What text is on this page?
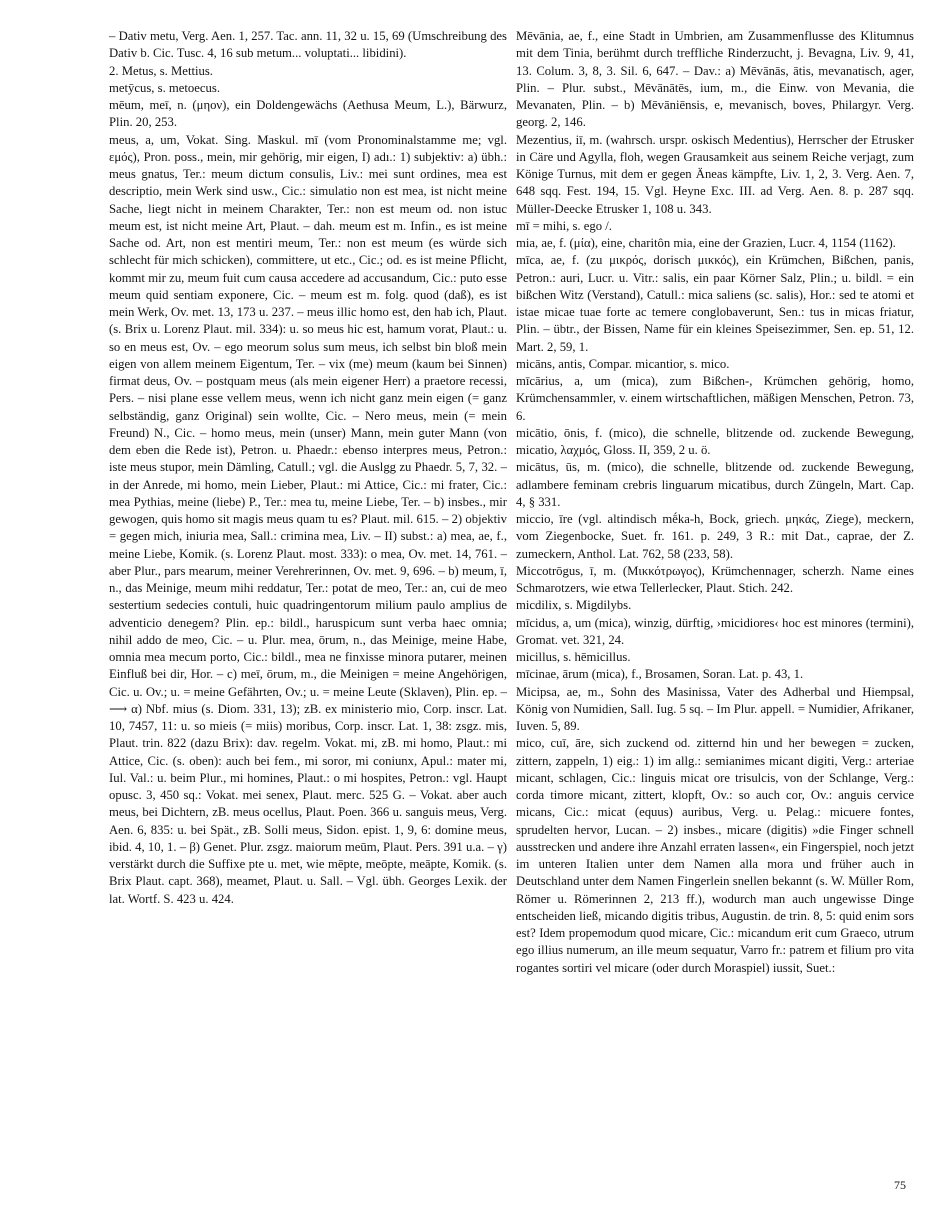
– Dativ metu, Verg. Aen. 1, 257. Tac. ann. 11, 32 u. 15, 69 (Umschreibung des Dativ b. Cic. Tusc. 4, 16 sub metum... voluptati... libidini).

2. Metus, s. Mettius.

metȳcus, s. metoecus.

mēum, meī, n. (μηον), ein Doldengewächs (Aethusa Meum, L.), Bärwurz, Plin. 20, 253.

meus, a, um, Vokat. Sing. Maskul. mī (vom Pronominalstamme me; vgl. εμός), Pron. poss., mein, mir gehörig, mir eigen, I) adı.: 1) subjektiv: a) übh.: meus gnatus, Ter.: meum dictum consulis, Liv.: mei sunt ordines, mea est descriptio, mein Werk sind usw., Cic.: simulatio non est mea, ist nicht meine Sache, liegt nicht in meinem Charakter, Ter.: non est meum od. non istuc meum est, ist nicht meine Art, Plaut. – dah. meum est m. Infin., es ist meine Sache od. Art, non est mentiri meum, Ter.: non est meum (es würde sich schlecht für mich schicken), committere, ut etc., Cic.; od. es ist meine Pflicht, kommt mir zu, meum fuit cum causa accedere ad accusandum, Cic.: puto esse meum quid sentiam exponere, Cic. – meum est m. folg. quod (daß), es ist mein Werk, Ov. met. 13, 173 u. 237. – meus illic homo est, den hab ich, Plaut. (s. Brix u. Lorenz Plaut. mil. 334): u. so meus hic est, hamum vorat, Plaut.: u. so en meus est, Ov. – ego meorum solus sum meus, ich selbst bin bloß mein eigen von allem meinem Eigentum, Ter. – vix (me) meum (kaum bei Sinnen) firmat deus, Ov. – postquam meus (als mein eigener Herr) a praetore recessi, Pers. – nisi plane esse vellem meus, wenn ich nicht ganz mein eigen (= ganz selbständig, ganz Original) sein wollte, Cic. – Nero meus, mein (= mein Freund) N., Cic. – homo meus, mein (unser) Mann, mein guter Mann (von dem eben die Rede ist), Petron. u. Phaedr.: ebenso interpres meus, Petron.: iste meus stupor, mein Dämling, Catull.; vgl. die Auslgg zu Phaedr. 5, 7, 32. – in der Anrede, mi homo, mein Lieber, Plaut.: mi Attice, Cic.: mi frater, Cic.: mea Pythias, meine (liebe) P., Ter.: mea tu, meine Liebe, Ter. – b) insbes., mir gewogen, quis homo sit magis meus quam tu es? Plaut. mil. 615. – 2) objektiv = gegen mich, iniuria mea, Sall.: crimina mea, Liv. – II) subst.: a) mea, ae, f., meine Liebe, Komik. (s. Lorenz Plaut. most. 333): o mea, Ov. met. 14, 761. – aber Plur., pars mearum, meiner Verehrerinnen, Ov. met. 9, 696. – b) meum, ī, n., das Meinige, meum mihi reddatur, Ter.: potat de meo, Ter.: an, cui de meo sestertium sedecies contuli, huic quadringentorum milium paulo amplius de adventicio denegem? Plin. ep.: bildl., haruspicum sunt verba haec omnia; nihil addo de meo, Cic. – u. Plur. mea, ōrum, n., das Meinige, meine Habe, omnia mea mecum porto, Cic.: bildl., mea ne finxisse minora putarer, meinen Einfluß bei dir, Hor. – c) meī, ōrum, m., die Meinigen = meine Angehörigen, Cic. u. Ov.; u. = meine Gefährten, Ov.; u. = meine Leute (Sklaven), Plin. ep. – ⟶ α) Nbf. mius (s. Diom. 331, 13); zB. ex ministerio mio, Corp. inscr. Lat. 10, 7457, 11: u. so mieis (= miis) moribus, Corp. inscr. Lat. 1, 38: zsgz. mis, Plaut. trin. 822 (dazu Brix): dav. regelm. Vokat. mi, zB. mi homo, Plaut.: mi Attice, Cic. (s. oben): auch bei fem., mi soror, mi coniunx, Apul.: mater mi, Iul. Val.: u. beim Plur., mi homines, Plaut.: o mi hospites, Petron.: vgl. Haupt opusc. 3, 450 sq.: Vokat. mei senex, Plaut. merc. 525 G. – Vokat. aber auch meus, bei Dichtern, zB. meus ocellus, Plaut. Poen. 366 u. sanguis meus, Verg. Aen. 6, 835: u. bei Spät., zB. Solli meus, Sidon. epist. 1, 9, 6: domine meus, ibid. 4, 10, 1. – β) Genet. Plur. zsgz. maiorum meūm, Plaut. Pers. 391 u.a. – γ) verstärkt durch die Suffixe pte u. met, wie mēpte, meōpte, meāpte, Komik. (s. Brix Plaut. capt. 368), meamet, Plaut. u. Sall. – Vgl. übh. Georges Lexik. der lat. Wortf. S. 423 u. 424.

Mēvānia, ae, f., eine Stadt in Umbrien, am Zusammenflusse des Klitumnus mit dem Tinia, berühmt durch treffliche Rinderzucht, j. Bevagna, Liv. 9, 41, 13. Colum. 3, 8, 3. Sil. 6, 647. – Dav.: a) Mēvānās, ātis, mevanatisch, ager, Plin. – Plur. subst., Mēvānātēs, ium, m., die Einw. von Mevania, die Mevanaten, Plin. – b) Mēvāniēnsis, e, mevanisch, boves, Philargyr. Verg. georg. 2, 146.

Mezentius, iī, m. (wahrsch. urspr. oskisch Medentius), Herrscher der Etrusker in Cäre und Agylla, floh, wegen Grausamkeit aus seinem Reiche verjagt, zum Könige Turnus, mit dem er gegen Äneas kämpfte, Liv. 1, 2, 3. Verg. Aen. 7, 648 sqq. Fest. 194, 15. Vgl. Heyne Exc. III. ad Verg. Aen. 8. p. 287 sqq. Müller-Deecke Etrusker 1, 108 u. 343.

mī = mihi, s. ego /.

mia, ae, f. (μία), eine, charitôn mia, eine der Grazien, Lucr. 4, 1154 (1162).

mīca, ae, f. (zu μικρός, dorisch μικκός), ein Krümchen, Bißchen, panis, Petron.: auri, Lucr. u. Vitr.: salis, ein paar Körner Salz, Plin.; u. bildl. = ein bißchen Witz (Verstand), Catull.: mica saliens (sc. salis), Hor.: sed te atomi et istae micae tuae forte ac temere conglobaverunt, Sen.: tus in micas friatur, Plin. – übtr., der Bissen, Name für ein kleines Speisezimmer, Sen. ep. 51, 12. Mart. 2, 59, 1.

micāns, antis, Compar. micantior, s. mico.

mīcārius, a, um (mica), zum Bißchen-, Krümchen gehörig, homo, Krümchensammler, v. einem wirtschaftlichen, mäßigen Menschen, Petron. 73, 6.

micātio, ōnis, f. (mico), die schnelle, blitzende od. zuckende Bewegung, micatio, λαχμός, Gloss. II, 359, 2 u. ö.

micātus, ūs, m. (mico), die schnelle, blitzende od. zuckende Bewegung, adlambere feminam crebris linguarum micatibus, durch Züngeln, Mart. Cap. 4, § 331.

miccio, īre (vgl. altindisch mḗka-h, Bock, griech. μηκάς, Ziege), meckern, vom Ziegenbocke, Suet. fr. 161. p. 249, 3 R.: mit Dat., caprae, der Z. zumeckern, Anthol. Lat. 762, 58 (233, 58).

Miccotrōgus, ī, m. (Μικκότρωγος), Krümchennager, scherzh. Name eines Schmarotzers, wie etwa Tellerlecker, Plaut. Stich. 242.

micdilix, s. Migdilybs.

mīcidus, a, um (mica), winzig, dürftig, ›micidiores‹ hoc est minores (termini), Gromat. vet. 321, 24.

micillus, s. hēmicillus.

mīcinae, ārum (mica), f., Brosamen, Soran. Lat. p. 43, 1.

Micipsa, ae, m., Sohn des Masinissa, Vater des Adherbal und Hiempsal, König von Numidien, Sall. Iug. 5 sq. – Im Plur. appell. = Numidier, Afrikaner, Iuven. 5, 89.

mico, cuī, āre, sich zuckend od. zitternd hin und her bewegen = zucken, zittern, zappeln, 1) eig.: 1) im allg.: semianimes micant digiti, Verg.: arteriae micant, schlagen, Cic.: linguis micat ore trisulcis, von der Schlange, Verg.: corda timore micant, zittert, klopft, Ov.: so auch cor, Ov.: anguis cervice micans, Cic.: micat (equus) auribus, Verg. u. Pelag.: micuere fontes, sprudelten hervor, Lucan. – 2) insbes., micare (digitis) »die Finger schnell ausstrecken und andere ihre Anzahl erraten lassen«, ein Fingerspiel, noch jetzt im unteren Italien unter dem Namen alla mora und früher auch in Deutschland unter dem Namen Fingerlein snellen bekannt (s. W. Müller Rom, Römer u. Römerinnen 2, 213 ff.), wodurch man auch ungewisse Dinge entscheiden ließ, micando digitis tribus, Augustin. de trin. 8, 5: quid enim sors est? Idem propemodum quod micare, Cic.: micandum erit cum Graeco, utrum ego illius numerum, an ille meum sequatur, Varro fr.: patrem et filium pro vita rogantes sortiri vel micare (oder durch Moraspiel) iussit, Suet.:

75
